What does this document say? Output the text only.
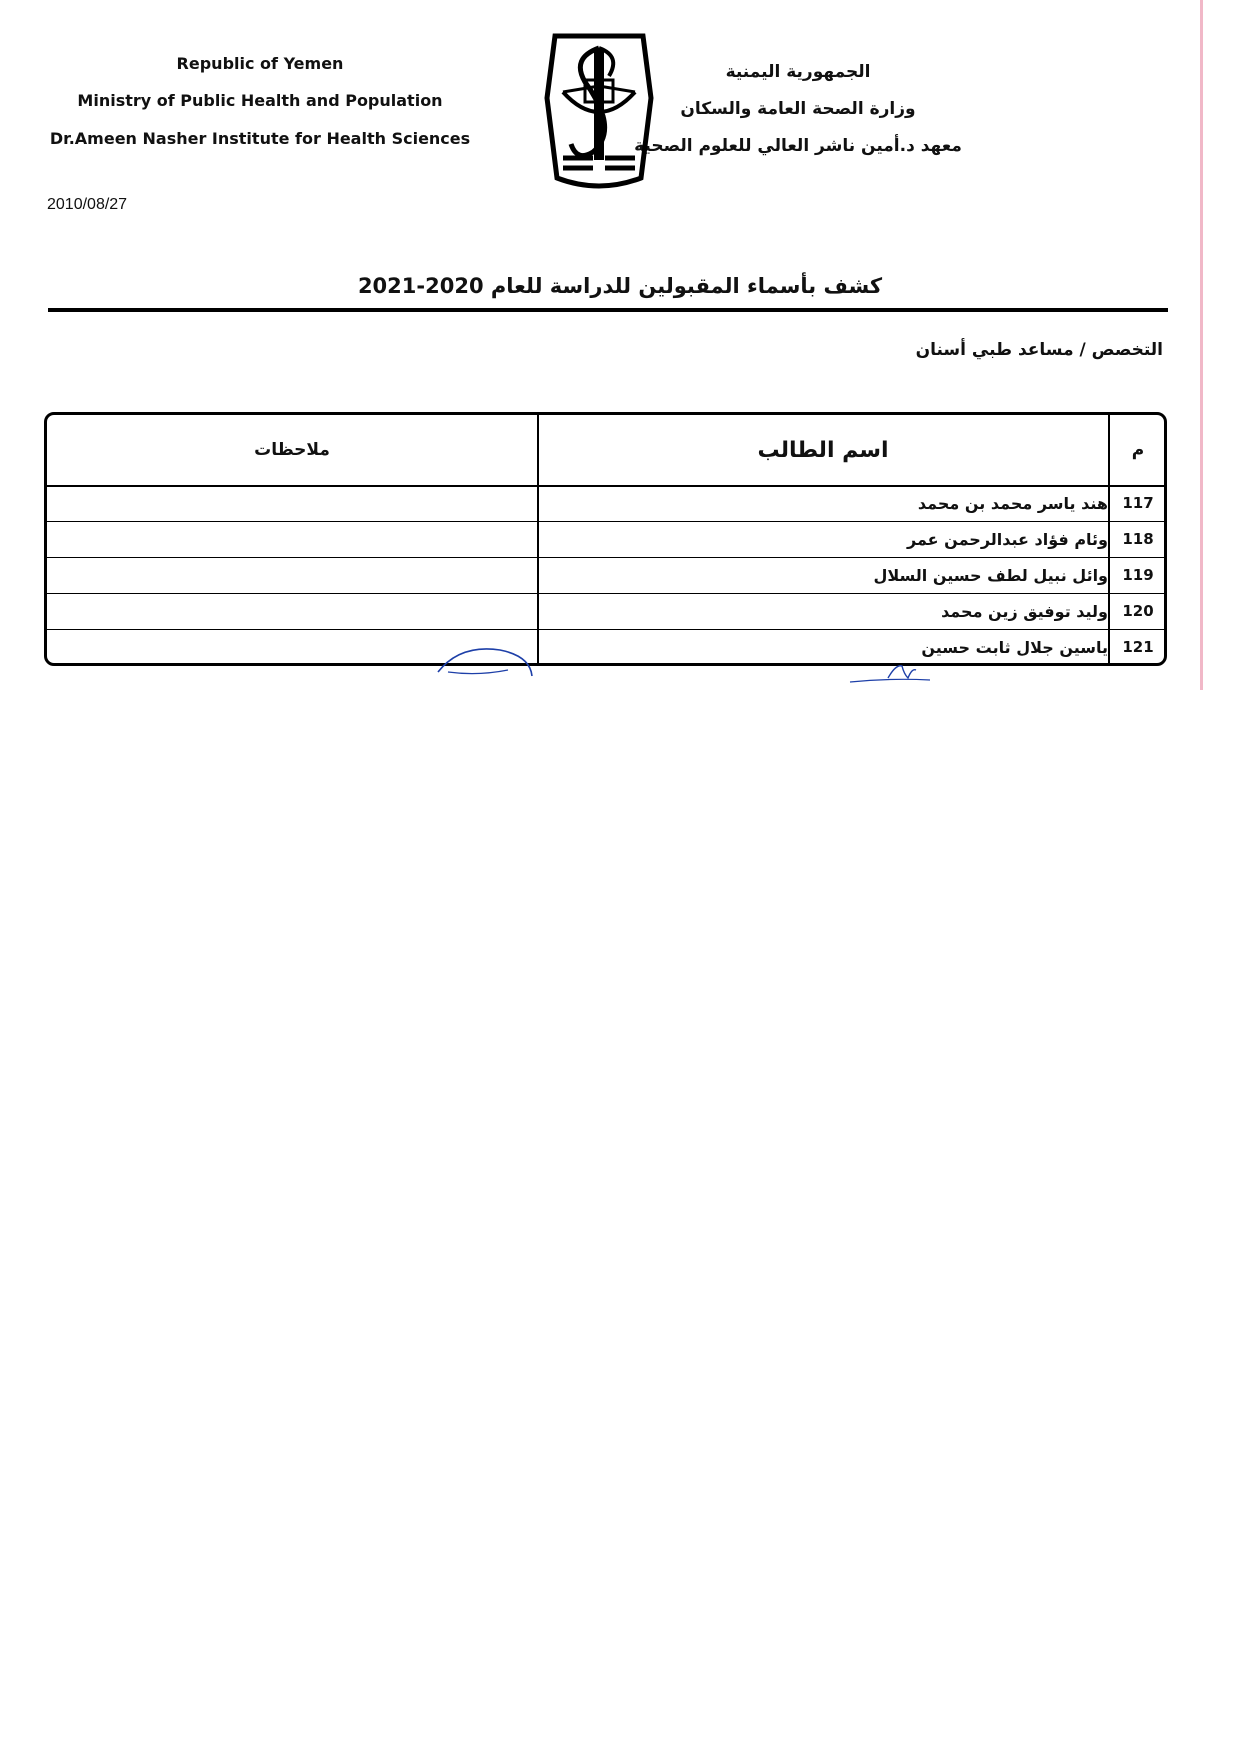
Republic of Yemen
Ministry of Public Health and Population
Dr.Ameen Nasher Institute for Health Sciences
الجمهورية اليمنية
وزارة الصحة العامة والسكان
معهد د.أمين ناشر العالي للعلوم الصحية
2010/08/27
كشف بأسماء المقبولين للدراسة للعام 2020-2021
التخصص / مساعد طبي أسنان
م
اسم الطالب
ملاحظات
117
هند ياسر محمد بن محمد
118
وئام فؤاد عبدالرحمن عمر
119
وائل نبيل لطف حسين السلال
120
وليد توفيق زين محمد
121
ياسين جلال ثابت حسين
